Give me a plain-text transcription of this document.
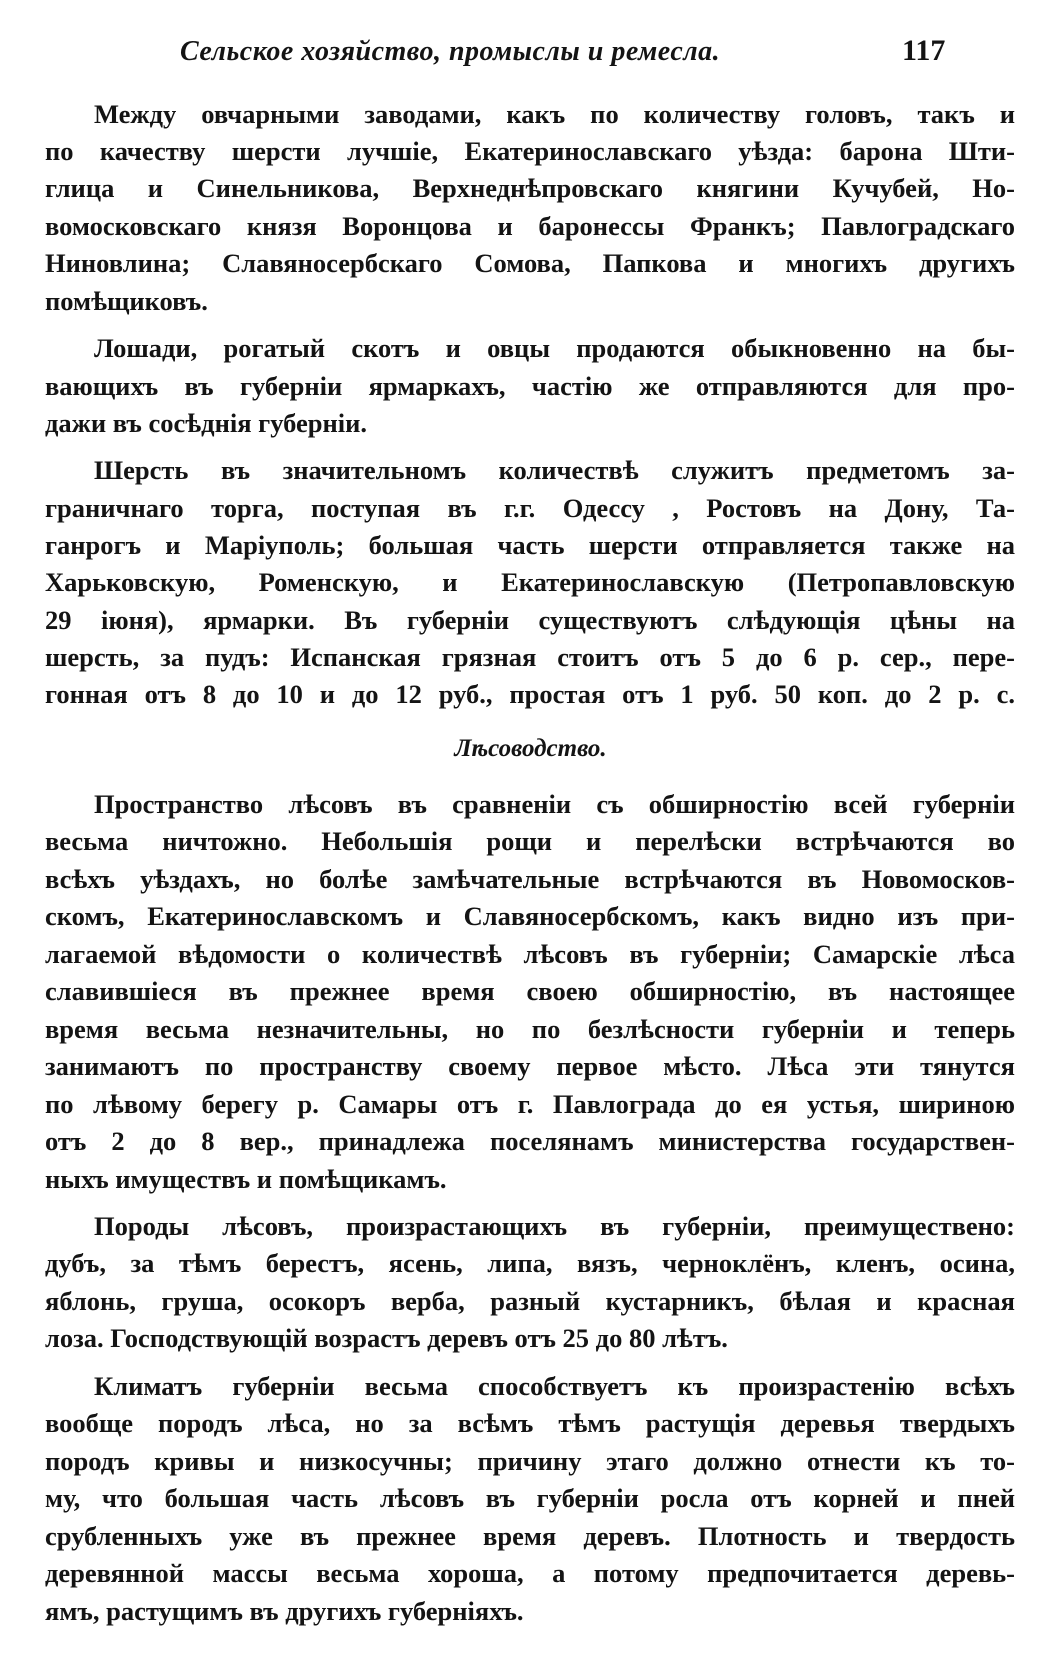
Сельское хозяйство, промыслы и ремесла.	117
Между овчарными заводами, какъ по количеству головъ, такъ и
по качеству шерсти лучшіе, Екатеринославскаго уѣзда: барона Шти-
глица и Синельникова, Верхнеднѣпровскаго княгини Кучубей, Но-
вомосковскаго князя Воронцова и баронессы Франкъ; Павлоградскаго
Ниновлина; Славяносербскаго Сомова, Папкова и многихъ другихъ
помѣщиковъ.
Лошади, рогатый скотъ и овцы продаются обыкновенно на бы-
вающихъ въ губерніи ярмаркахъ, частію же отправляются для про-
дажи въ сосѣднія губерніи.
Шерсть въ значительномъ количествѣ служитъ предметомъ за-
граничнаго торга, поступая въ г.г. Одессу , Ростовъ на Дону, Та-
ганрогъ и Маріуполь; большая часть шерсти отправляется также на
Харьковскую, Роменскую, и Екатеринославскую (Петропавловскую
29 іюня), ярмарки. Въ губерніи существуютъ слѣдующія цѣны на
шерсть, за пудъ: Испанская грязная стоитъ отъ 5 до 6 р. сер., пере-
гонная отъ 8 до 10 и до 12 руб., простая отъ 1 руб. 50 коп. до 2 р. с.
Лѣсоводство.
Пространство лѣсовъ въ сравненіи съ обширностію всей губерніи
весьма ничтожно. Небольшія рощи и перелѣски встрѣчаются во
всѣхъ уѣздахъ, но болѣе замѣчательные встрѣчаются въ Новомосков-
скомъ, Екатеринославскомъ и Славяносербскомъ, какъ видно изъ при-
лагаемой вѣдомости о количествѣ лѣсовъ въ губерніи; Самарскіе лѣса
славившіеся въ прежнее время своею обширностію, въ настоящее
время весьма незначительны, но по безлѣсности губерніи и теперь
занимаютъ по пространству своему первое мѣсто. Лѣса эти тянутся
по лѣвому берегу р. Самары отъ г. Павлограда до ея устья, шириною
отъ 2 до 8 вер., принадлежа поселянамъ министерства государствен-
ныхъ имуществъ и помѣщикамъ.
Породы лѣсовъ, произрастающихъ въ губерніи, преимуществено:
дубъ, за тѣмъ берестъ, ясень, липа, вязъ, черноклёнъ, кленъ, осина,
яблонь, груша, осокоръ верба, разный кустарникъ, бѣлая и красная
лоза. Господствующій возрастъ деревъ отъ 25 до 80 лѣтъ.
Климатъ губерніи весьма способствуетъ къ произрастенію всѣхъ
вообще породъ лѣса, но за всѣмъ тѣмъ растущія деревья твердыхъ
породъ кривы и низкосучны; причину этаго должно отнести къ то-
му, что большая часть лѣсовъ въ губерніи росла отъ корней и пней
срубленныхъ уже въ прежнее время деревъ. Плотность и твердость
деревянной массы весьма хороша, а потому предпочитается деревь-
ямъ, растущимъ въ другихъ губерніяхъ.
